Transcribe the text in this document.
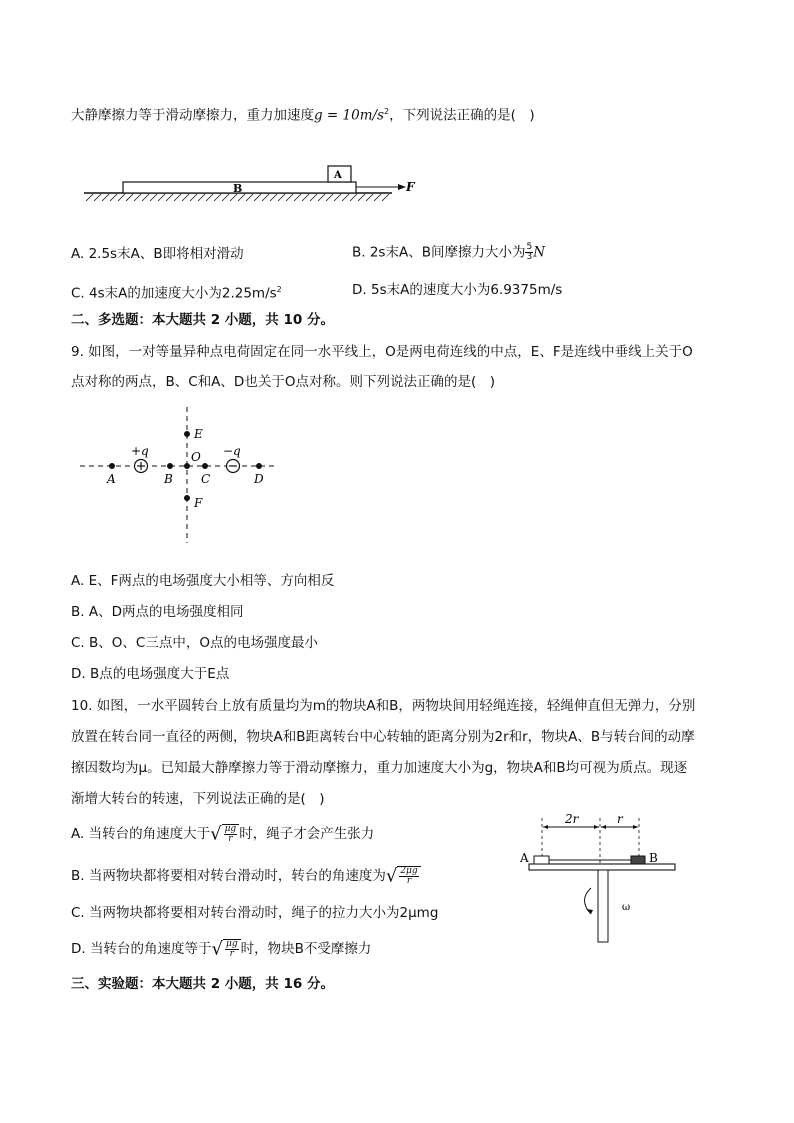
大静摩擦力等于滑动摩擦力，重力加速度$g = 10m/s^2$，下列说法正确的是(　)
B
A
F
A. 2.5s末A、B即将相对滑动	B. 2s末A、B间摩擦力大小为 $\frac{5}{3}$ N
C. 4s末A的加速度大小为$2.25m/s^2$	D. 5s末A的速度大小为6.9375m/s
二、多选题：本大题共 2 小题，共 10 分。
9. 如图，一对等量异种点电荷固定在同一水平线上，O是两电荷连线的中点，E、F是连线中垂线上关于O
点对称的两点，B、C和A、D也关于O点对称。则下列说法正确的是(　)
+q	−q
A	B
O
C	D
E
F
A. E、F两点的电场强度大小相等、方向相反
B. A、D两点的电场强度相同
C. B、O、C三点中，O点的电场强度最小
D. B点的电场强度大于E点
10. 如图，一水平圆转台上放有质量均为m的物块A和B，两物块间用轻绳连接，轻绳伸直但无弹力，分别
放置在转台同一直径的两侧，物块A和B距离转台中心转轴的距离分别为2r和r，物块A、B与转台间的动摩
擦因数均为μ。已知最大静摩擦力等于滑动摩擦力，重力加速度大小为g，物块A和B均可视为质点。现逐
渐增大转台的转速，下列说法正确的是(　)
A. 当转台的角速度大于√ $\frac{\mu g}{r}$ 时，绳子才会产生张力
B. 当两物块都将要相对转台滑动时，转台的角速度为√ $\frac{2\mu g}{r}$
C. 当两物块都将要相对转台滑动时，绳子的拉力大小为2μmg
D. 当转台的角速度等于√ $\frac{\mu g}{r}$ 时，物块B不受摩擦力
2r	r
A	B
ω
三、实验题：本大题共 2 小题，共 16 分。
